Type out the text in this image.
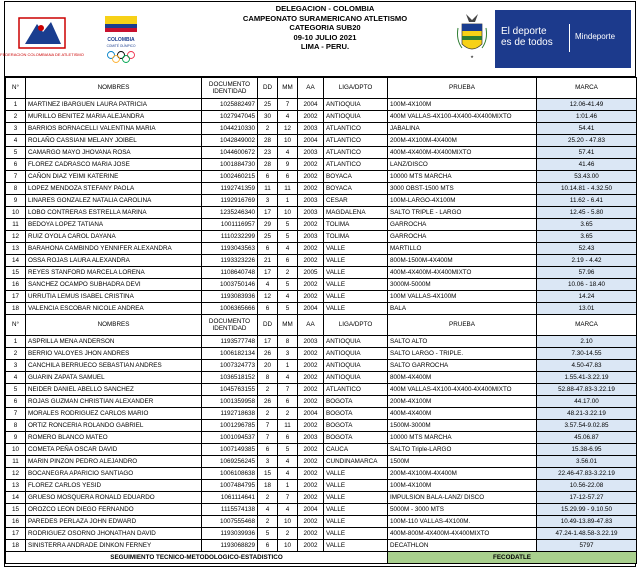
FEDERACION COLOMBIANA DE ATLETISMO
COLOMBIA
COMITÉ OLÍMPICO
DELEGACION - COLOMBIA
CAMPEONATO SURAMERICANO ATLETISMO
CATEGORIA SUB20
09-10 JULIO 2021
LIMA - PERU.
★
El deporte
es de todos
Mindeporte
N°	NOMBRES	DOCUMENTO IDENTIDAD	DD	MM	AA	LIGA/DPTO	PRUEBA	MARCA
1	MARTINEZ IBARGUEN LAURA PATRICIA	1025882497	25	7	2004	ANTIOQUIA	100M-4X100M	12.06-41.49
2	MURILLO BENITEZ MARIA ALEJANDRA	1027947045	30	4	2002	ANTIOQUIA	400M VALLAS-4X100-4X400-4X400MIXTO	1:01.46
3	BARRIOS BORNACELLI VALENTINA MARIA	1044210330	2	12	2003	ATLANTICO	JABALINA	54.41
4	ROLAÑO CASSIANI MELANY JOIBEL	1042849002	28	10	2004	ATLANTICO	200M-4X100M-4X400M	25.20 - 47.83
5	CAMARGO MAYO JHOVANA ROSA	1044600672	23	4	2003	ATLANTICO	400M-4X400M-4X400MIXTO	57.41
6	FLOREZ CADRASCO MARIA JOSE	1001884730	28	9	2002	ATLANTICO	LANZ/DISCO	41.46
7	CAÑON DIAZ YEIMI KATERINE	1002460215	6	6	2002	BOYACA	10000 MTS MARCHA	53.43.00
8	LOPEZ MENDOZA STEFANY PAOLA	1192741359	11	11	2002	BOYACA	3000 OBST-1500 MTS	10.14.81 - 4.32.50
9	LINARES GONZALEZ NATALIA CAROLINA	1192916769	3	1	2003	CESAR	100M-LARGO-4X100M	11.62 - 6.41
10	LOBO CONTRERAS ESTRELLA MARINA	1235246340	17	10	2003	MAGDALENA	SALTO TRIPLE - LARGO	12.45 - 5.80
11	BEDOYA LOPEZ TATIANA	1001116957	29	5	2002	TOLIMA	GARROCHA	3.65
12	RUIZ OYOLA CAROL DAYANA	1110232299	25	5	2003	TOLIMA	GARROCHA	3.65
13	BARAHONA CAMBINDO YENNIFER ALEXANDRA	1193043563	6	4	2002	VALLE	MARTILLO	52.43
14	OSSA ROJAS LAURA ALEXANDRA	1193323226	21	6	2002	VALLE	800M-1500M-4X400M	2.19 - 4.42
15	REYES STANFORD MARCELA LORENA	1108640748	17	2	2005	VALLE	400M-4X400M-4X400MIXTO	57.96
16	SANCHEZ OCAMPO SUBHADRA DEVI	1003750146	4	5	2002	VALLE	3000M-5000M	10.06 - 18.40
17	URRUTIA LEMUS ISABEL CRISTINA	1193083936	12	4	2002	VALLE	100M VALLAS-4X100M	14.24
18	VALENCIA ESCOBAR NICOLE ANDREA	1006365666	6	5	2004	VALLE	BALA	13.01
N°	NOMBRES	DOCUMENTO IDENTIDAD	DD	MM	AA	LIGA/DPTO	PRUEBA	MARCA
1	ASPRILLA MENA ANDERSON	1193577748	17	8	2003	ANTIOQUIA	SALTO ALTO	2.10
2	BERRIO VALOYES JHON ANDRES	1006182134	26	3	2002	ANTIOQUIA	SALTO LARGO - TRIPLE.	7.30-14.55
3	CANCHILA BERRUECO SEBASTIAN ANDRES	1007324773	20	1	2002	ANTIOQUIA	SALTO GARROCHA	4.50-47.83
4	GUARIN ZAPATA SAMUEL	1036518152	8	4	2002	ANTIOQUIA	800M-4X400M	1.55.41-3.22.19
5	NEIDER DANIEL ABELLO SANCHEZ	1045763155	2	7	2002	ATLANTICO	400M VALLAS-4X100-4X400-4X400MIXTO	52.88-47.83-3.22.19
6	ROJAS GUZMAN CHRISTIAN ALEXANDER	1001359958	26	6	2002	BOGOTA	200M-4X100M	44.17.00
7	MORALES RODRIGUEZ CARLOS MARIO	1192718638	2	2	2004	BOGOTA	400M-4X400M	48.21-3.22.19
8	ORTIZ RONCERIA ROLANDO GABRIEL	1001296785	7	11	2002	BOGOTA	1500M-3000M	3.57.54-9.02.85
9	ROMERO BLANCO MATEO	1001094537	7	6	2003	BOGOTA	10000 MTS MARCHA	45.06.87
10	COMETA PEÑA OSCAR DAVID	1007149385	6	5	2002	CAUCA	SALTO Triple-LARGO	15.38-6.95
11	MARIN PINZON PEDRO ALEJANDRO	1069256245	3	4	2002	CUNDINAMARCA	1500M	3.56.01
12	BOCANEGRA APARICIO SANTIAGO	1006108638	15	4	2002	VALLE	200M-4X100M-4X400M	22.46-47.83-3.22.19
13	FLOREZ CARLOS YESID	1007484795	18	1	2002	VALLE	100M-4X100M	10.56-22.08
14	GRUESO MOSQUERA RONALD EDUARDO	1061114641	2	7	2002	VALLE	IMPULSION BALA-LANZ/ DISCO	17-12-57.27
15	OROZCO LEON DIEGO FERNANDO	1115574138	4	4	2004	VALLE	5000M - 3000 MTS	15.29.99 - 9.10.50
16	PAREDES PERLAZA JOHN EDWARD	1007555468	2	10	2002	VALLE	100M-110 VALLAS-4X100M.	10.49-13.89-47.83
17	RODRIGUEZ OSORNO JHONATHAN DAVID	1193039936	5	2	2002	VALLE	400M-800M-4X400M-4X400MIXTO	47.24-1.48.58-3.22.19
18	SINISTERRA ANDRADE DINKON FERNEY	1193068829	6	10	2002	VALLE	DECATHLON	5797
SEGUIMIENTO TECNICO-METODOLOGICO-ESTADISTICO							FECODATLE	
